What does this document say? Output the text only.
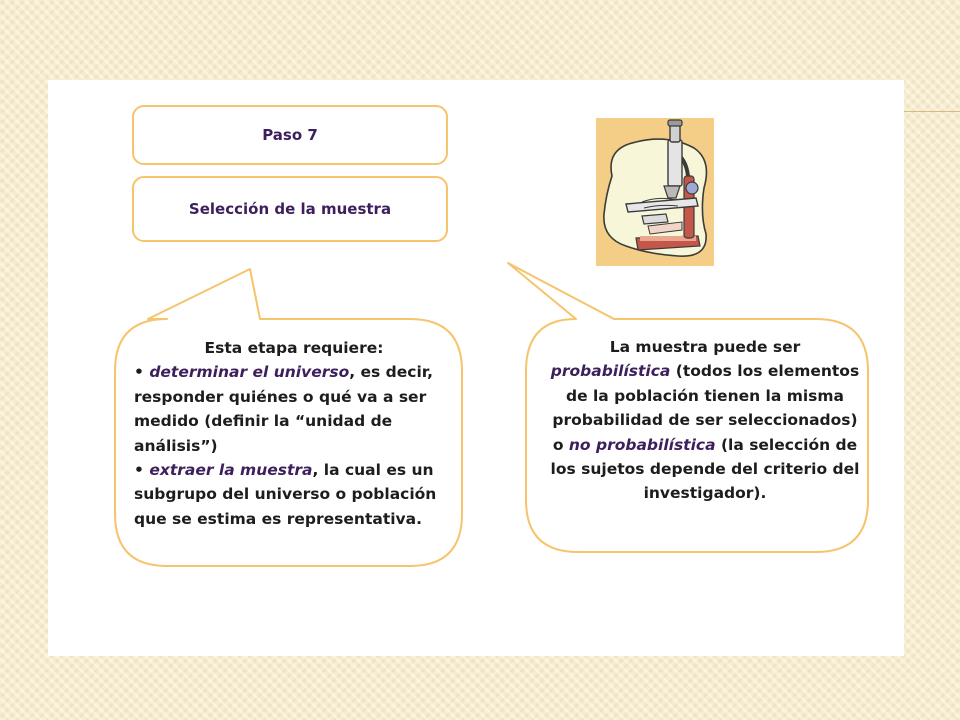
Paso 7
Selección de la muestra
Esta etapa requiere:
• determinar el universo, es decir, responder quiénes o qué va a ser medido (definir la “unidad de análisis”)
• extraer la muestra, la cual es un subgrupo del universo o población que se estima es representativa.
La muestra puede ser probabilística (todos los elementos de la población tienen la misma probabilidad de ser seleccionados) o no probabilística (la selección de los sujetos depende del criterio del investigador).
